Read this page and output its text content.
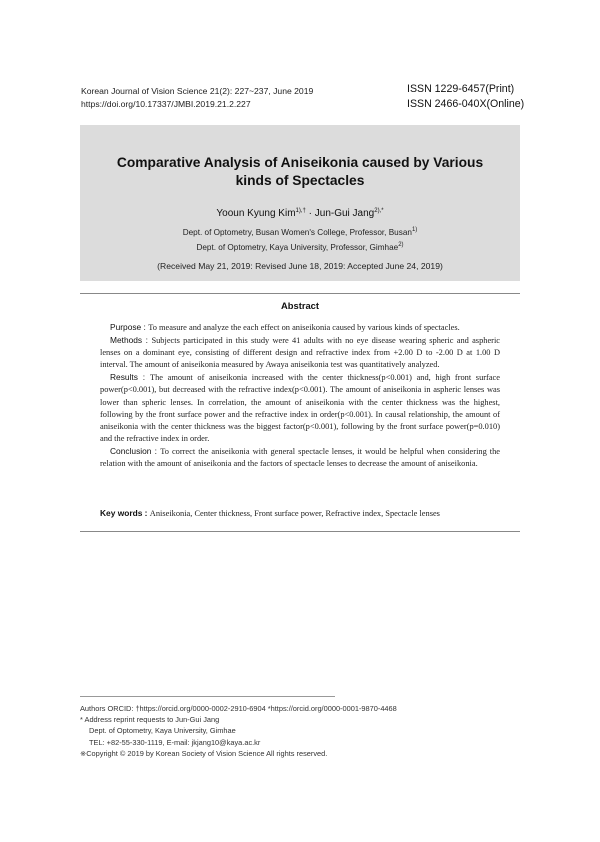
Korean Journal of Vision Science 21(2): 227~237, June 2019
https://doi.org/10.17337/JMBI.2019.21.2.227
ISSN 1229-6457(Print)
ISSN 2466-040X(Online)
Comparative Analysis of Aniseikonia caused by Various
kinds of Spectacles
Yooun Kyung Kim$^{1),\dagger}$ · Jun-Gui Jang$^{2),*}$
Dept. of Optometry, Busan Women's College, Professor, Busan$^{1)}$
Dept. of Optometry, Kaya University, Professor, Gimhae$^{2)}$
(Received May 21, 2019: Revised June 18, 2019: Accepted June 24, 2019)
Abstract

Purpose : To measure and analyze the each effect on aniseikonia caused by various kinds of spectacles.

Methods : Subjects participated in this study were 41 adults with no eye disease wearing spheric and aspheric lenses on a dominant eye, consisting of different design and refractive index from +2.00 D to -2.00 D at 1.00 D interval. The amount of aniseikonia measured by Awaya aniseikonia test was quantitatively analyzed.

Results : The amount of aniseikonia increased with the center thickness(p<0.001) and, high front surface power(p<0.001), but decreased with the refractive index(p<0.001). The amount of aniseikonia in aspheric lenses was lower than spheric lenses. In correlation, the amount of aniseikonia with the center thickness was the highest, following by the front surface power and the refractive index in order(p<0.001). In causal relationship, the amount of aniseikonia with the center thickness was the biggest factor(p<0.001), following by the front surface power(p=0.010) and the refractive index in order.

Conclusion : To correct the aniseikonia with general spectacle lenses, it would be helpful when considering the relation with the amount of aniseikonia and the factors of spectacle lenses to decrease the amount of aniseikonia.

Key words : Aniseikonia, Center thickness, Front surface power, Refractive index, Spectacle lenses
Authors ORCID: †https://orcid.org/0000-0002-2910-6904 *https://orcid.org/0000-0001-9870-4468
* Address reprint requests to Jun-Gui Jang
Dept. of Optometry, Kaya University, Gimhae
TEL: +82-55-330-1119, E-mail: jkjang10@kaya.ac.kr
※Copyright © 2019 by Korean Society of Vision Science All rights reserved.
